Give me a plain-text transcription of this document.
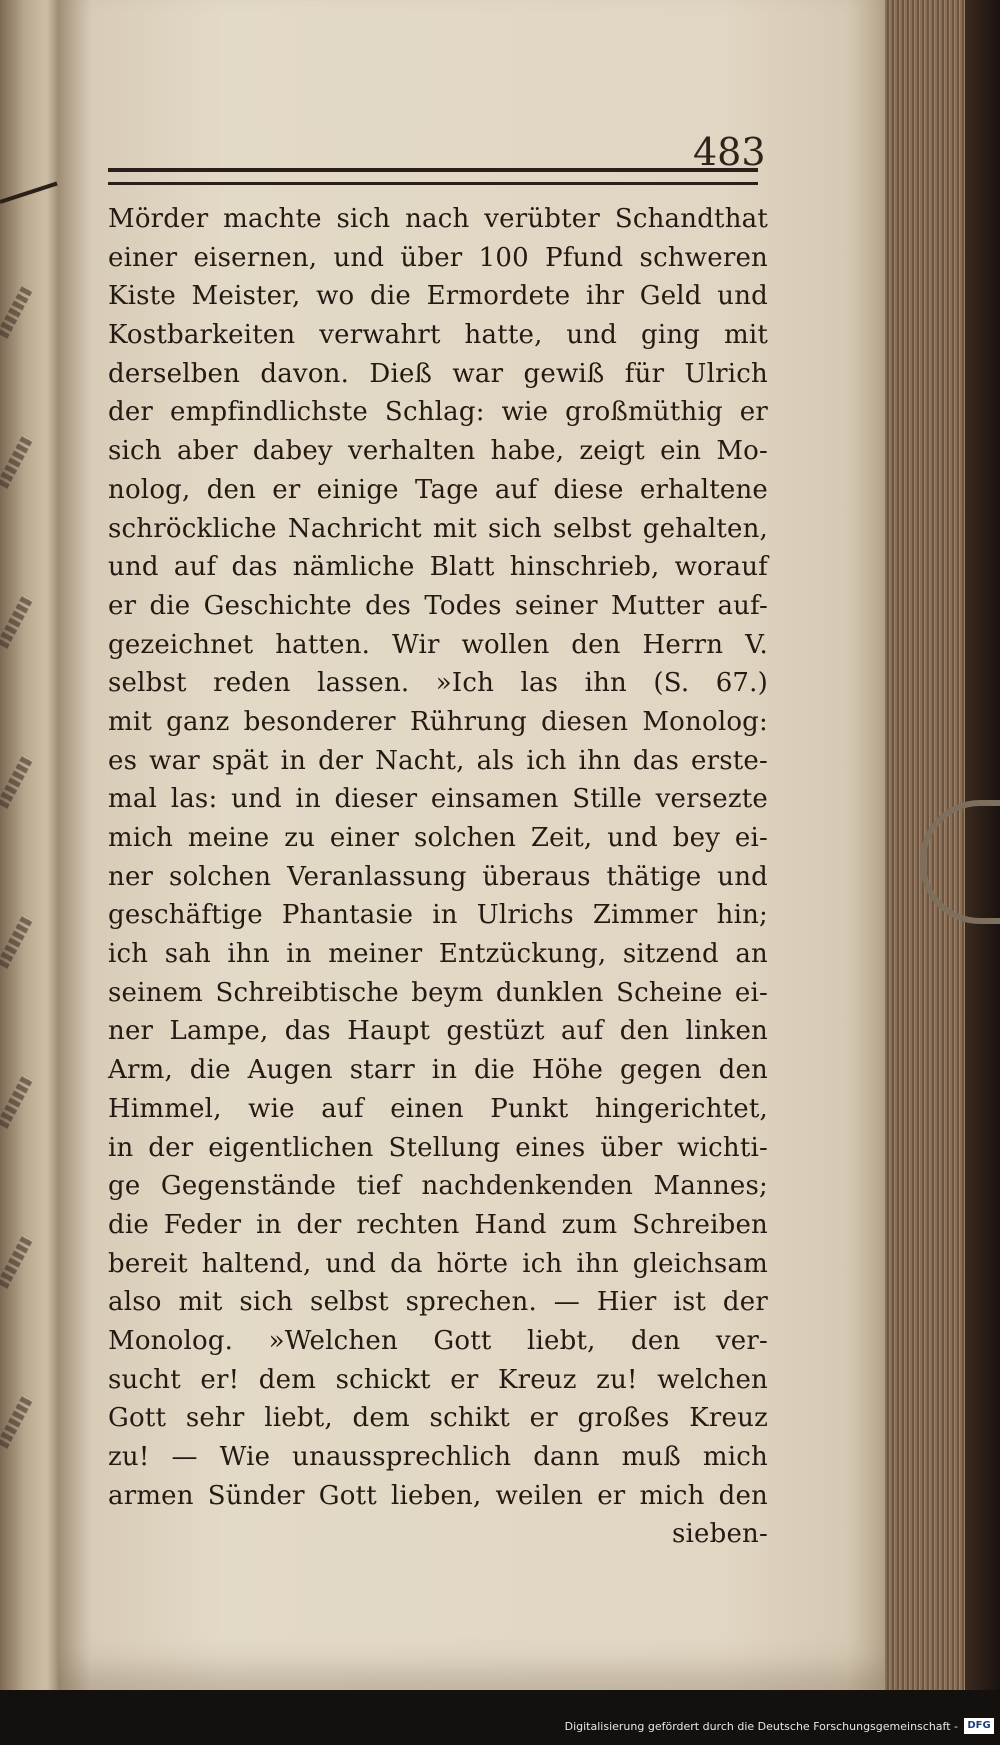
483
Mörder machte sich nach verübter Schandthat
einer eisernen, und über 100 Pfund schweren
Kiste Meister, wo die Ermordete ihr Geld und
Kostbarkeiten verwahrt hatte, und ging mit
derselben davon. Dieß war gewiß für Ulrich
der empfindlichste Schlag: wie großmüthig er
sich aber dabey verhalten habe, zeigt ein Mo-
nolog, den er einige Tage auf diese erhaltene
schröckliche Nachricht mit sich selbst gehalten,
und auf das nämliche Blatt hinschrieb, worauf
er die Geschichte des Todes seiner Mutter auf-
gezeichnet hatten. Wir wollen den Herrn V.
selbst reden lassen. »Ich las ihn (S. 67.)
mit ganz besonderer Rührung diesen Monolog:
es war spät in der Nacht, als ich ihn das erste-
mal las: und in dieser einsamen Stille versezte
mich meine zu einer solchen Zeit, und bey ei-
ner solchen Veranlassung überaus thätige und
geschäftige Phantasie in Ulrichs Zimmer hin;
ich sah ihn in meiner Entzückung, sitzend an
seinem Schreibtische beym dunklen Scheine ei-
ner Lampe, das Haupt gestüzt auf den linken
Arm, die Augen starr in die Höhe gegen den
Himmel, wie auf einen Punkt hingerichtet,
in der eigentlichen Stellung eines über wichti-
ge Gegenstände tief nachdenkenden Mannes;
die Feder in der rechten Hand zum Schreiben
bereit haltend, und da hörte ich ihn gleichsam
also mit sich selbst sprechen. — Hier ist der
Monolog. »Welchen Gott liebt, den ver-
sucht er! dem schickt er Kreuz zu! welchen
Gott sehr liebt, dem schikt er großes Kreuz
zu! — Wie unaussprechlich dann muß mich
armen Sünder Gott lieben, weilen er mich den
sieben-
Digitalisierung gefördert durch die Deutsche Forschungsgemeinschaft - DFG
